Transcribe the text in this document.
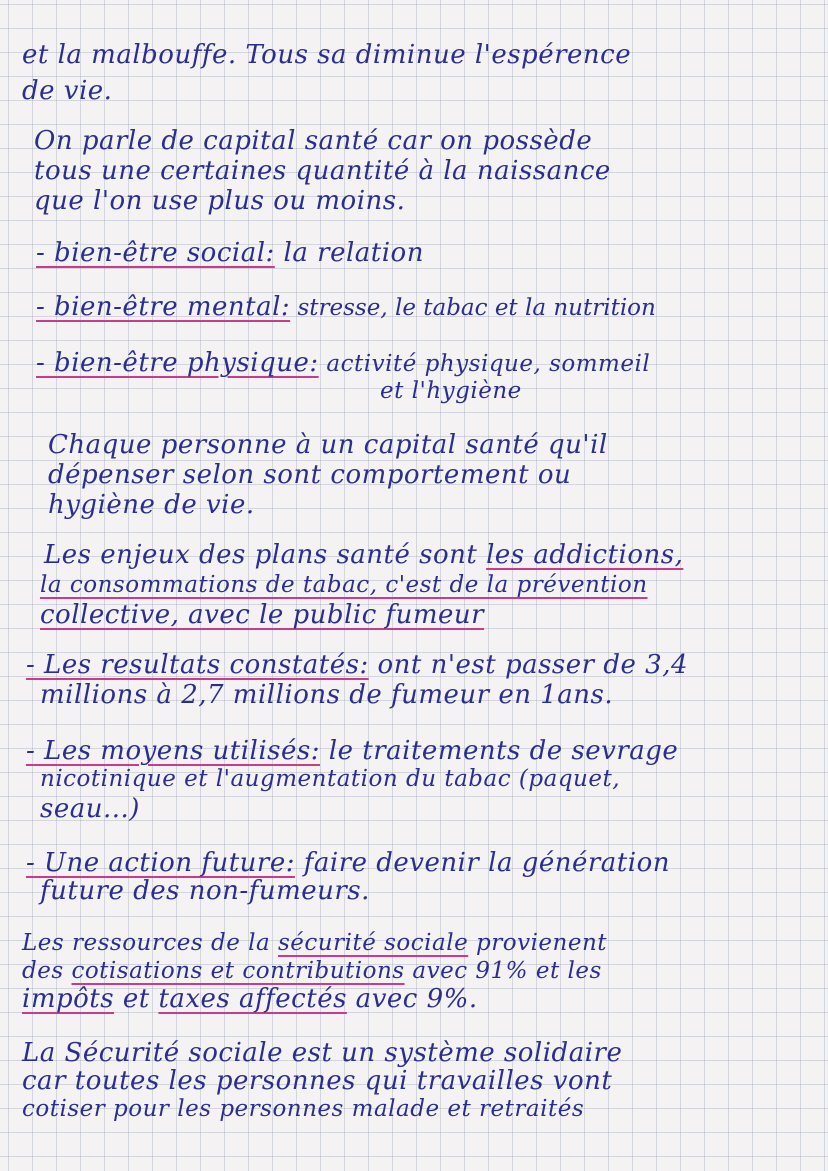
et la malbouffe. Tous sa diminue l'espérence
de vie.
On parle de capital santé car on possède
tous une certaines quantité à la naissance
que l'on use plus ou moins.
- bien-être social: la relation
- bien-être mental: stresse, le tabac et la nutrition
- bien-être physique: activité physique, sommeil
et l'hygiène
Chaque personne à un capital santé qu'il
dépenser selon sont comportement ou
hygiène de vie.
Les enjeux des plans santé sont les addictions,
la consommations de tabac, c'est de la prévention
collective, avec le public fumeur
- Les resultats constatés: ont n'est passer de 3,4
millions à 2,7 millions de fumeur en 1ans.
- Les moyens utilisés: le traitements de sevrage
nicotinique et l'augmentation du tabac (paquet,
seau...)
- Une action future: faire devenir la génération
future des non-fumeurs.
Les ressources de la sécurité sociale provienent
des cotisations et contributions avec 91% et les
impôts et taxes affectés avec 9%.
La Sécurité sociale est un système solidaire
car toutes les personnes qui travailles vont
cotiser pour les personnes malade et retraités
